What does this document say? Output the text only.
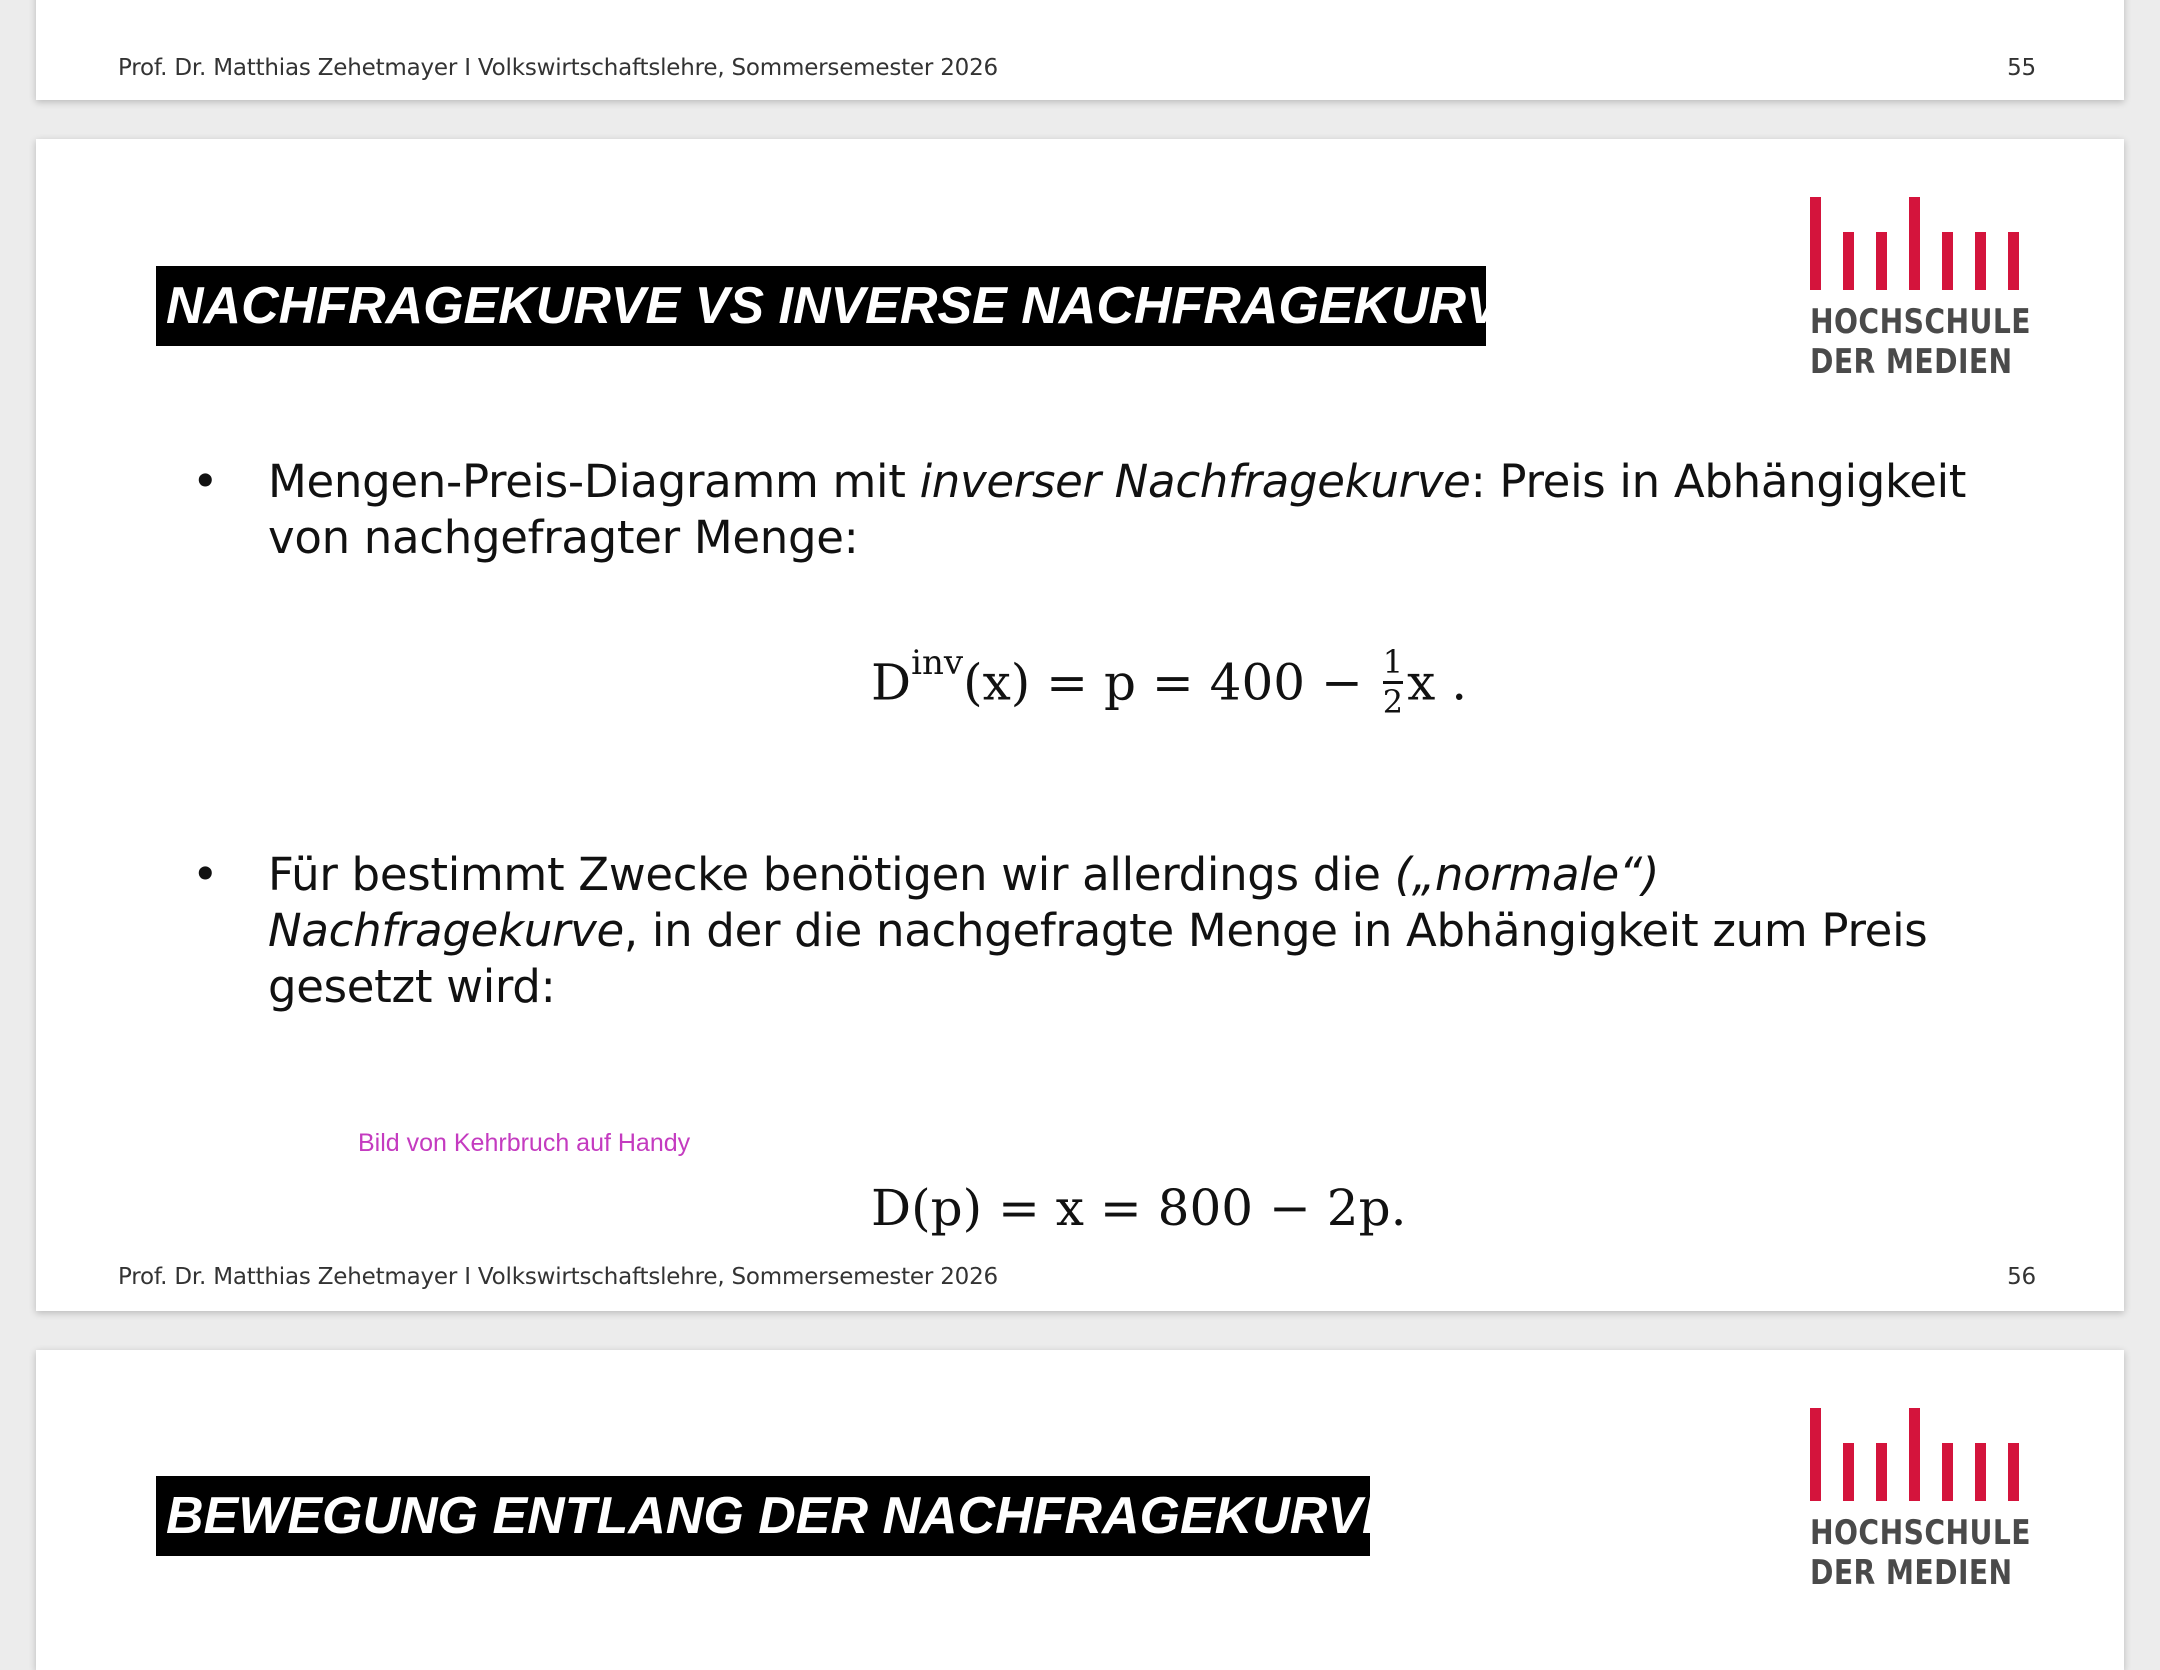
Prof. Dr. Matthias Zehetmayer I Volkswirtschaftslehre, Sommersemester 2026	55
NACHFRAGEKURVE VS INVERSE NACHFRAGEKURVE	HOCHSCHULE
DER MEDIEN
• Mengen-Preis-Diagramm mit inverser Nachfragekurve: Preis in Abhängigkeit von nachgefragter Menge:
$D^{inv}(x) = p = 400 - \frac{1}{2}$ x .
• Für bestimmt Zwecke benötigen wir allerdings die („normale“) Nachfragekurve, in der die nachgefragte Menge in Abhängigkeit zum Preis gesetzt wird:
D(p) = x = 800 − 2p.
Bild von Kehrbruch auf Handy
Prof. Dr. Matthias Zehetmayer I Volkswirtschaftslehre, Sommersemester 2026	56
BEWEGUNG ENTLANG DER NACHFRAGEKURVE	HOCHSCHULE
DER MEDIEN
